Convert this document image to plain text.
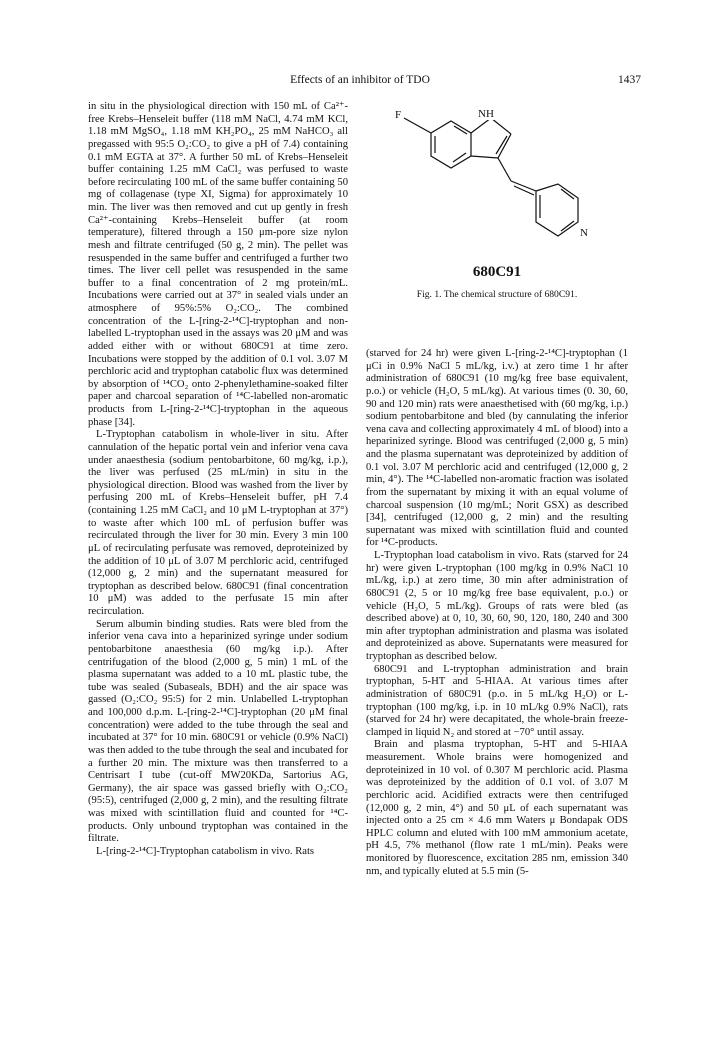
Effects of an inhibitor of TDO	1437

in situ in the physiological direction with 150 mL of Ca²⁺-free Krebs–Henseleit buffer (118 mM NaCl, 4.74 mM KCl, 1.18 mM MgSO₄, 1.18 mM KH₂PO₄, 25 mM NaHCO₃ all pregassed with 95:5 O₂:CO₂ to give a pH of 7.4) containing 0.1 mM EGTA at 37°. A further 50 mL of Krebs–Henseleit buffer containing 1.25 mM CaCl₂ was perfused to waste before recirculating 100 mL of the same buffer containing 50 mg of collagenase (type XI, Sigma) for approximately 10 min. The liver was then removed and cut up gently in fresh Ca²⁺-containing Krebs–Henseleit buffer (at room temperature), filtered through a 150 μm-pore size nylon mesh and filtrate centrifuged (50 g, 2 min). The pellet was resuspended in the same buffer and centrifuged a further two times. The liver cell pellet was resuspended in the same buffer to a final concentration of 2 mg protein/mL. Incubations were carried out at 37° in sealed vials under an atmosphere of 95%:5% O₂:CO₂. The combined concentration of the L-[ring-2-¹⁴C]-tryptophan and non-labelled L-tryptophan used in the assays was 20 μM and was added either with or without 680C91 at time zero. Incubations were stopped by the addition of 0.1 vol. 3.07 M perchloric acid and tryptophan catabolic flux was determined by absorption of ¹⁴CO₂ onto 2-phenylethamine-soaked filter paper and charcoal separation of ¹⁴C-labelled non-aromatic products from L-[ring-2-¹⁴C]-tryptophan in the aqueous phase [34].

L-Tryptophan catabolism in whole-liver in situ. After cannulation of the hepatic portal vein and inferior vena cava under anaesthesia (sodium pentobarbitone, 60 mg/kg, i.p.), the liver was perfused (25 mL/min) in situ in the physiological direction. Blood was washed from the liver by perfusing 200 mL of Krebs–Henseleit buffer, pH 7.4 (containing 1.25 mM CaCl₂ and 10 μM L-tryptophan at 37°) to waste after which 100 mL of perfusion buffer was recirculated through the liver for 30 min. Every 3 min 100 μL of recirculating perfusate was removed, deproteinized by the addition of 10 μL of 3.07 M perchloric acid, centrifuged (12,000 g, 2 min) and the supernatant measured for tryptophan as described below. 680C91 (final concentration 10 μM) was added to the perfusate 15 min after recirculation.

Serum albumin binding studies. Rats were bled from the inferior vena cava into a heparinized syringe under sodium pentobarbitone anaesthesia (60 mg/kg i.p.). After centrifugation of the blood (2,000 g, 5 min) 1 mL of the plasma supernatant was added to a 10 mL plastic tube, the tube was sealed (Subaseals, BDH) and the air space was gassed (O₂:CO₂ 95:5) for 2 min. Unlabelled L-tryptophan and 100,000 d.p.m. L-[ring-2-¹⁴C]-tryptophan (20 μM final concentration) were added to the tube through the seal and incubated at 37° for 10 min. 680C91 or vehicle (0.9% NaCl) was then added to the tube through the seal and incubated for a further 20 min. The mixture was then transferred to a Centrisart I tube (cut-off MW20KDa, Sartorius AG, Germany), the air space was gassed briefly with O₂:CO₂ (95:5), centrifuged (2,000 g, 2 min), and the resulting filtrate was mixed with scintillation fluid and counted for ¹⁴C-products. Only unbound tryptophan was contained in the filtrate.

L-[ring-2-¹⁴C]-Tryptophan catabolism in vivo. Rats

F	NH
N
680C91
Fig. 1. The chemical structure of 680C91.

(starved for 24 hr) were given L-[ring-2-¹⁴C]-tryptophan (1 μCi in 0.9% NaCl 5 mL/kg, i.v.) at zero time 1 hr after administration of 680C91 (10 mg/kg free base equivalent, p.o.) or vehicle (H₂O, 5 mL/kg). At various times (0. 30, 60, 90 and 120 min) rats were anaesthetised with (60 mg/kg, i.p.) sodium pentobarbitone and bled (by cannulating the inferior vena cava and collecting approximately 4 mL of blood) into a heparinized syringe. Blood was centrifuged (2,000 g, 5 min) and the plasma supernatant was deproteinized by addition of 0.1 vol. 3.07 M perchloric acid and centrifuged (12,000 g, 2 min, 4°). The ¹⁴C-labelled non-aromatic fraction was isolated from the supernatant by mixing it with an equal volume of charcoal suspension (10 mg/mL; Norit GSX) as described [34], centrifuged (12,000 g, 2 min) and the resulting supernatant was mixed with scintillation fluid and counted for ¹⁴C-products.

L-Tryptophan load catabolism in vivo. Rats (starved for 24 hr) were given L-tryptophan (100 mg/kg in 0.9% NaCl 10 mL/kg, i.p.) at zero time, 30 min after administration of 680C91 (2, 5 or 10 mg/kg free base equivalent, p.o.) or vehicle (H₂O, 5 mL/kg). Groups of rats were bled (as described above) at 0, 10, 30, 60, 90, 120, 180, 240 and 300 min after tryptophan administration and plasma was isolated and deproteinized as above. Supernatants were measured for tryptophan as described below.

680C91 and L-tryptophan administration and brain tryptophan, 5-HT and 5-HIAA. At various times after administration of 680C91 (p.o. in 5 mL/kg H₂O) or L-tryptophan (100 mg/kg, i.p. in 10 mL/kg 0.9% NaCl), rats (starved for 24 hr) were decapitated, the whole-brain freeze-clamped in liquid N₂ and stored at −70° until assay.

Brain and plasma tryptophan, 5-HT and 5-HIAA measurement. Whole brains were homogenized and deproteinized in 10 vol. of 0.307 M perchloric acid. Plasma was deproteinized by the addition of 0.1 vol. of 3.07 M perchloric acid. Acidified extracts were then centrifuged (12,000 g, 2 min, 4°) and 50 μL of each supernatant was injected onto a 25 cm × 4.6 mm Waters μ Bondapak ODS HPLC column and eluted with 100 mM ammonium acetate, pH 4.5, 7% methanol (flow rate 1 mL/min). Peaks were monitored by fluorescence, excitation 285 nm, emission 340 nm, and typically eluted at 5.5 min (5-
